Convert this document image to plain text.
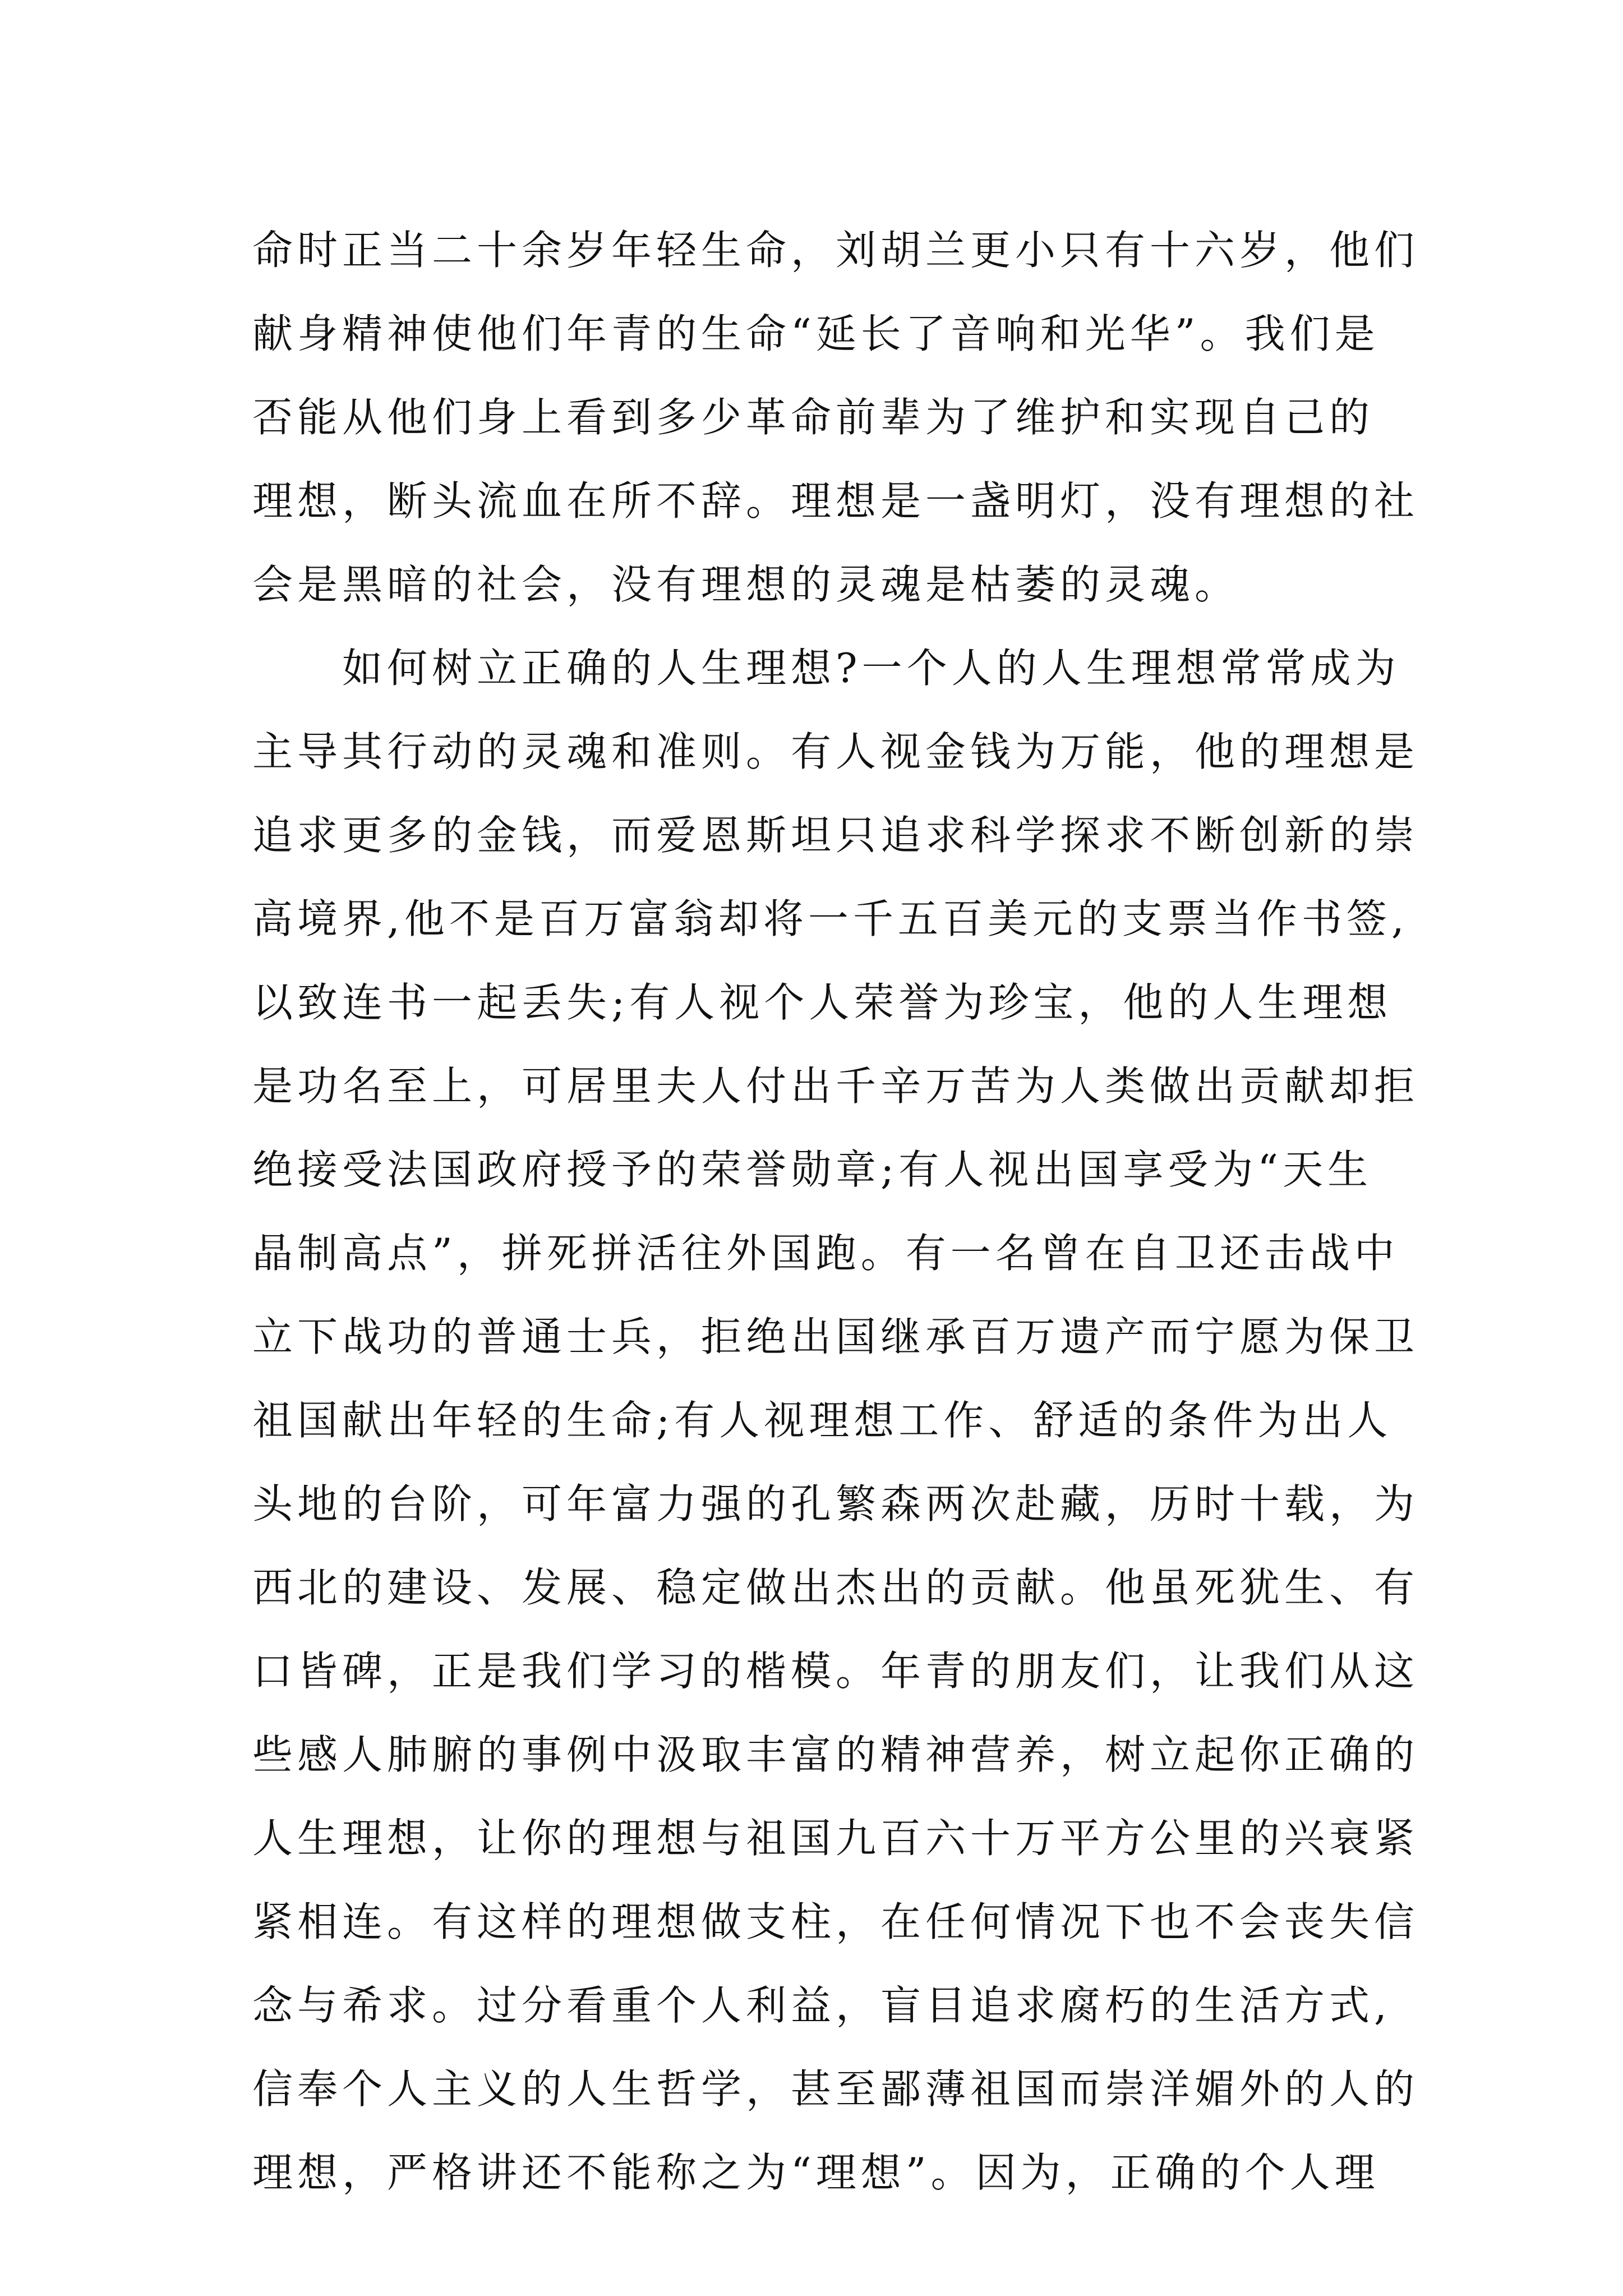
命时正当二十余岁年轻生命，刘胡兰更小只有十六岁，他们
献身精神使他们年青的生命“延长了音响和光华”。我们是
否能从他们身上看到多少革命前辈为了维护和实现自己的
理想，断头流血在所不辞。理想是一盏明灯，没有理想的社
会是黑暗的社会，没有理想的灵魂是枯萎的灵魂。
　　如何树立正确的人生理想?一个人的人生理想常常成为
主导其行动的灵魂和准则。有人视金钱为万能，他的理想是
追求更多的金钱，而爱恩斯坦只追求科学探求不断创新的崇
高境界,他不是百万富翁却将一千五百美元的支票当作书签,
以致连书一起丢失;有人视个人荣誉为珍宝，他的人生理想
是功名至上，可居里夫人付出千辛万苦为人类做出贡献却拒
绝接受法国政府授予的荣誉勋章;有人视出国享受为“天生
晶制高点”，拼死拼活往外国跑。有一名曾在自卫还击战中
立下战功的普通士兵，拒绝出国继承百万遗产而宁愿为保卫
祖国献出年轻的生命;有人视理想工作、舒适的条件为出人
头地的台阶，可年富力强的孔繁森两次赴藏，历时十载，为
西北的建设、发展、稳定做出杰出的贡献。他虽死犹生、有
口皆碑，正是我们学习的楷模。年青的朋友们，让我们从这
些感人肺腑的事例中汲取丰富的精神营养，树立起你正确的
人生理想，让你的理想与祖国九百六十万平方公里的兴衰紧
紧相连。有这样的理想做支柱，在任何情况下也不会丧失信
念与希求。过分看重个人利益，盲目追求腐朽的生活方式,
信奉个人主义的人生哲学，甚至鄙薄祖国而崇洋媚外的人的
理想，严格讲还不能称之为“理想”。因为，正确的个人理
